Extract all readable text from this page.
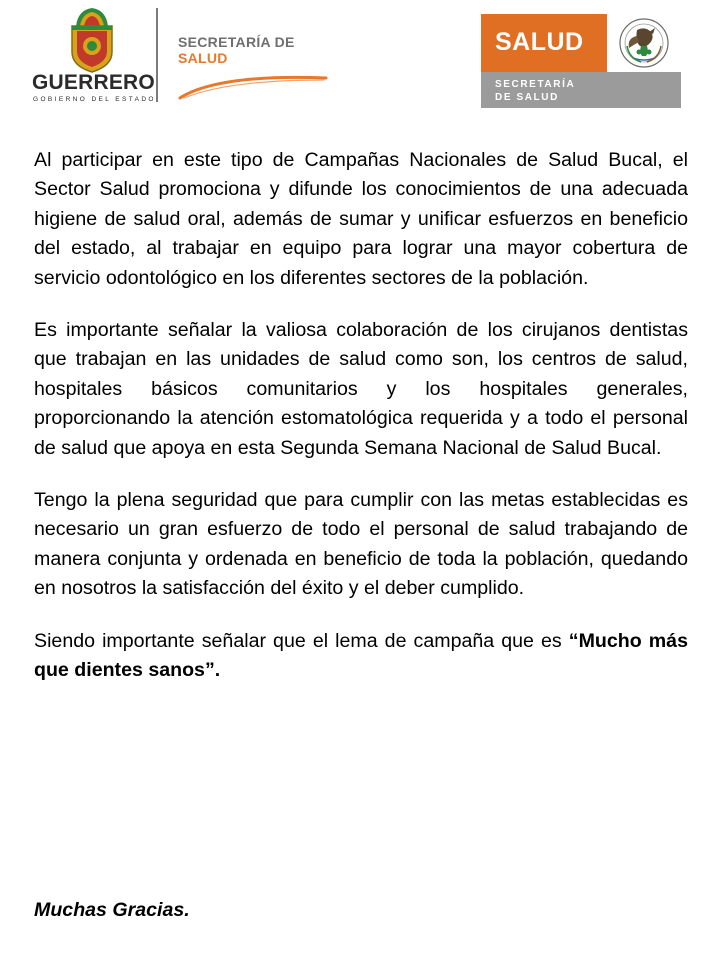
GUERRERO
GOBIERNO DEL ESTADO
SECRETARÍA DE
SALUD
SALUD
SECRETARÍA
DE SALUD

Al participar en este tipo de Campañas Nacionales de Salud Bucal, el Sector Salud promociona y difunde los conocimientos de una adecuada higiene de salud oral, además de sumar y unificar esfuerzos en beneficio del estado, al trabajar en equipo para lograr una mayor cobertura de servicio odontológico en los diferentes sectores de la población.

Es importante señalar la valiosa colaboración de los cirujanos dentistas que trabajan en las unidades de salud como son, los centros de salud, hospitales básicos comunitarios y los hospitales generales, proporcionando la atención estomatológica requerida y a todo el personal de salud que apoya en esta Segunda Semana Nacional de Salud Bucal.

Tengo la plena seguridad que para cumplir con las metas establecidas es necesario un gran esfuerzo de todo el personal de salud trabajando de manera conjunta y ordenada en beneficio de toda la población, quedando en nosotros la satisfacción del éxito y el deber cumplido.

Siendo importante señalar que el lema de campaña que es “Mucho más que dientes sanos”.

Muchas Gracias.
